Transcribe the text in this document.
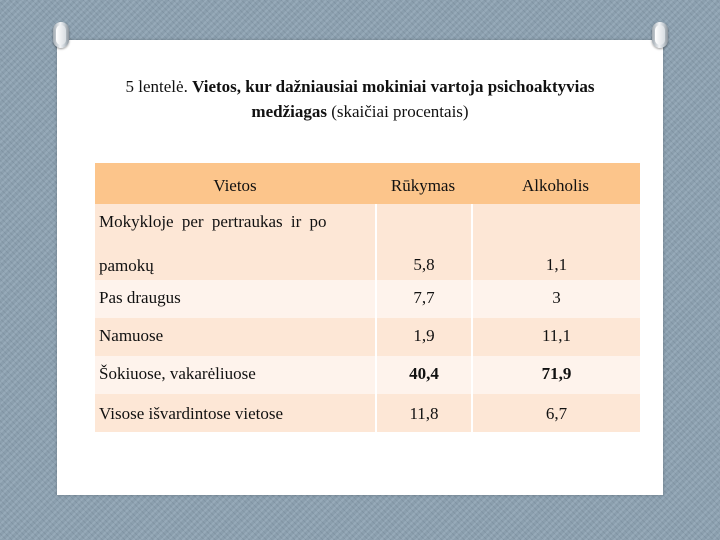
5 lentelė. Vietos, kur dažniausiai mokiniai vartoja psichoaktyvias
medžiagas (skaičiai procentais)
Vietos	Rūkymas	Alkoholis
Mokykloje per pertraukas ir po
pamokų	5,8	1,1
Pas draugus	7,7	3
Namuose	1,9	11,1
Šokiuose, vakarėliuose	40,4	71,9
Visose išvardintose vietose	11,8	6,7
